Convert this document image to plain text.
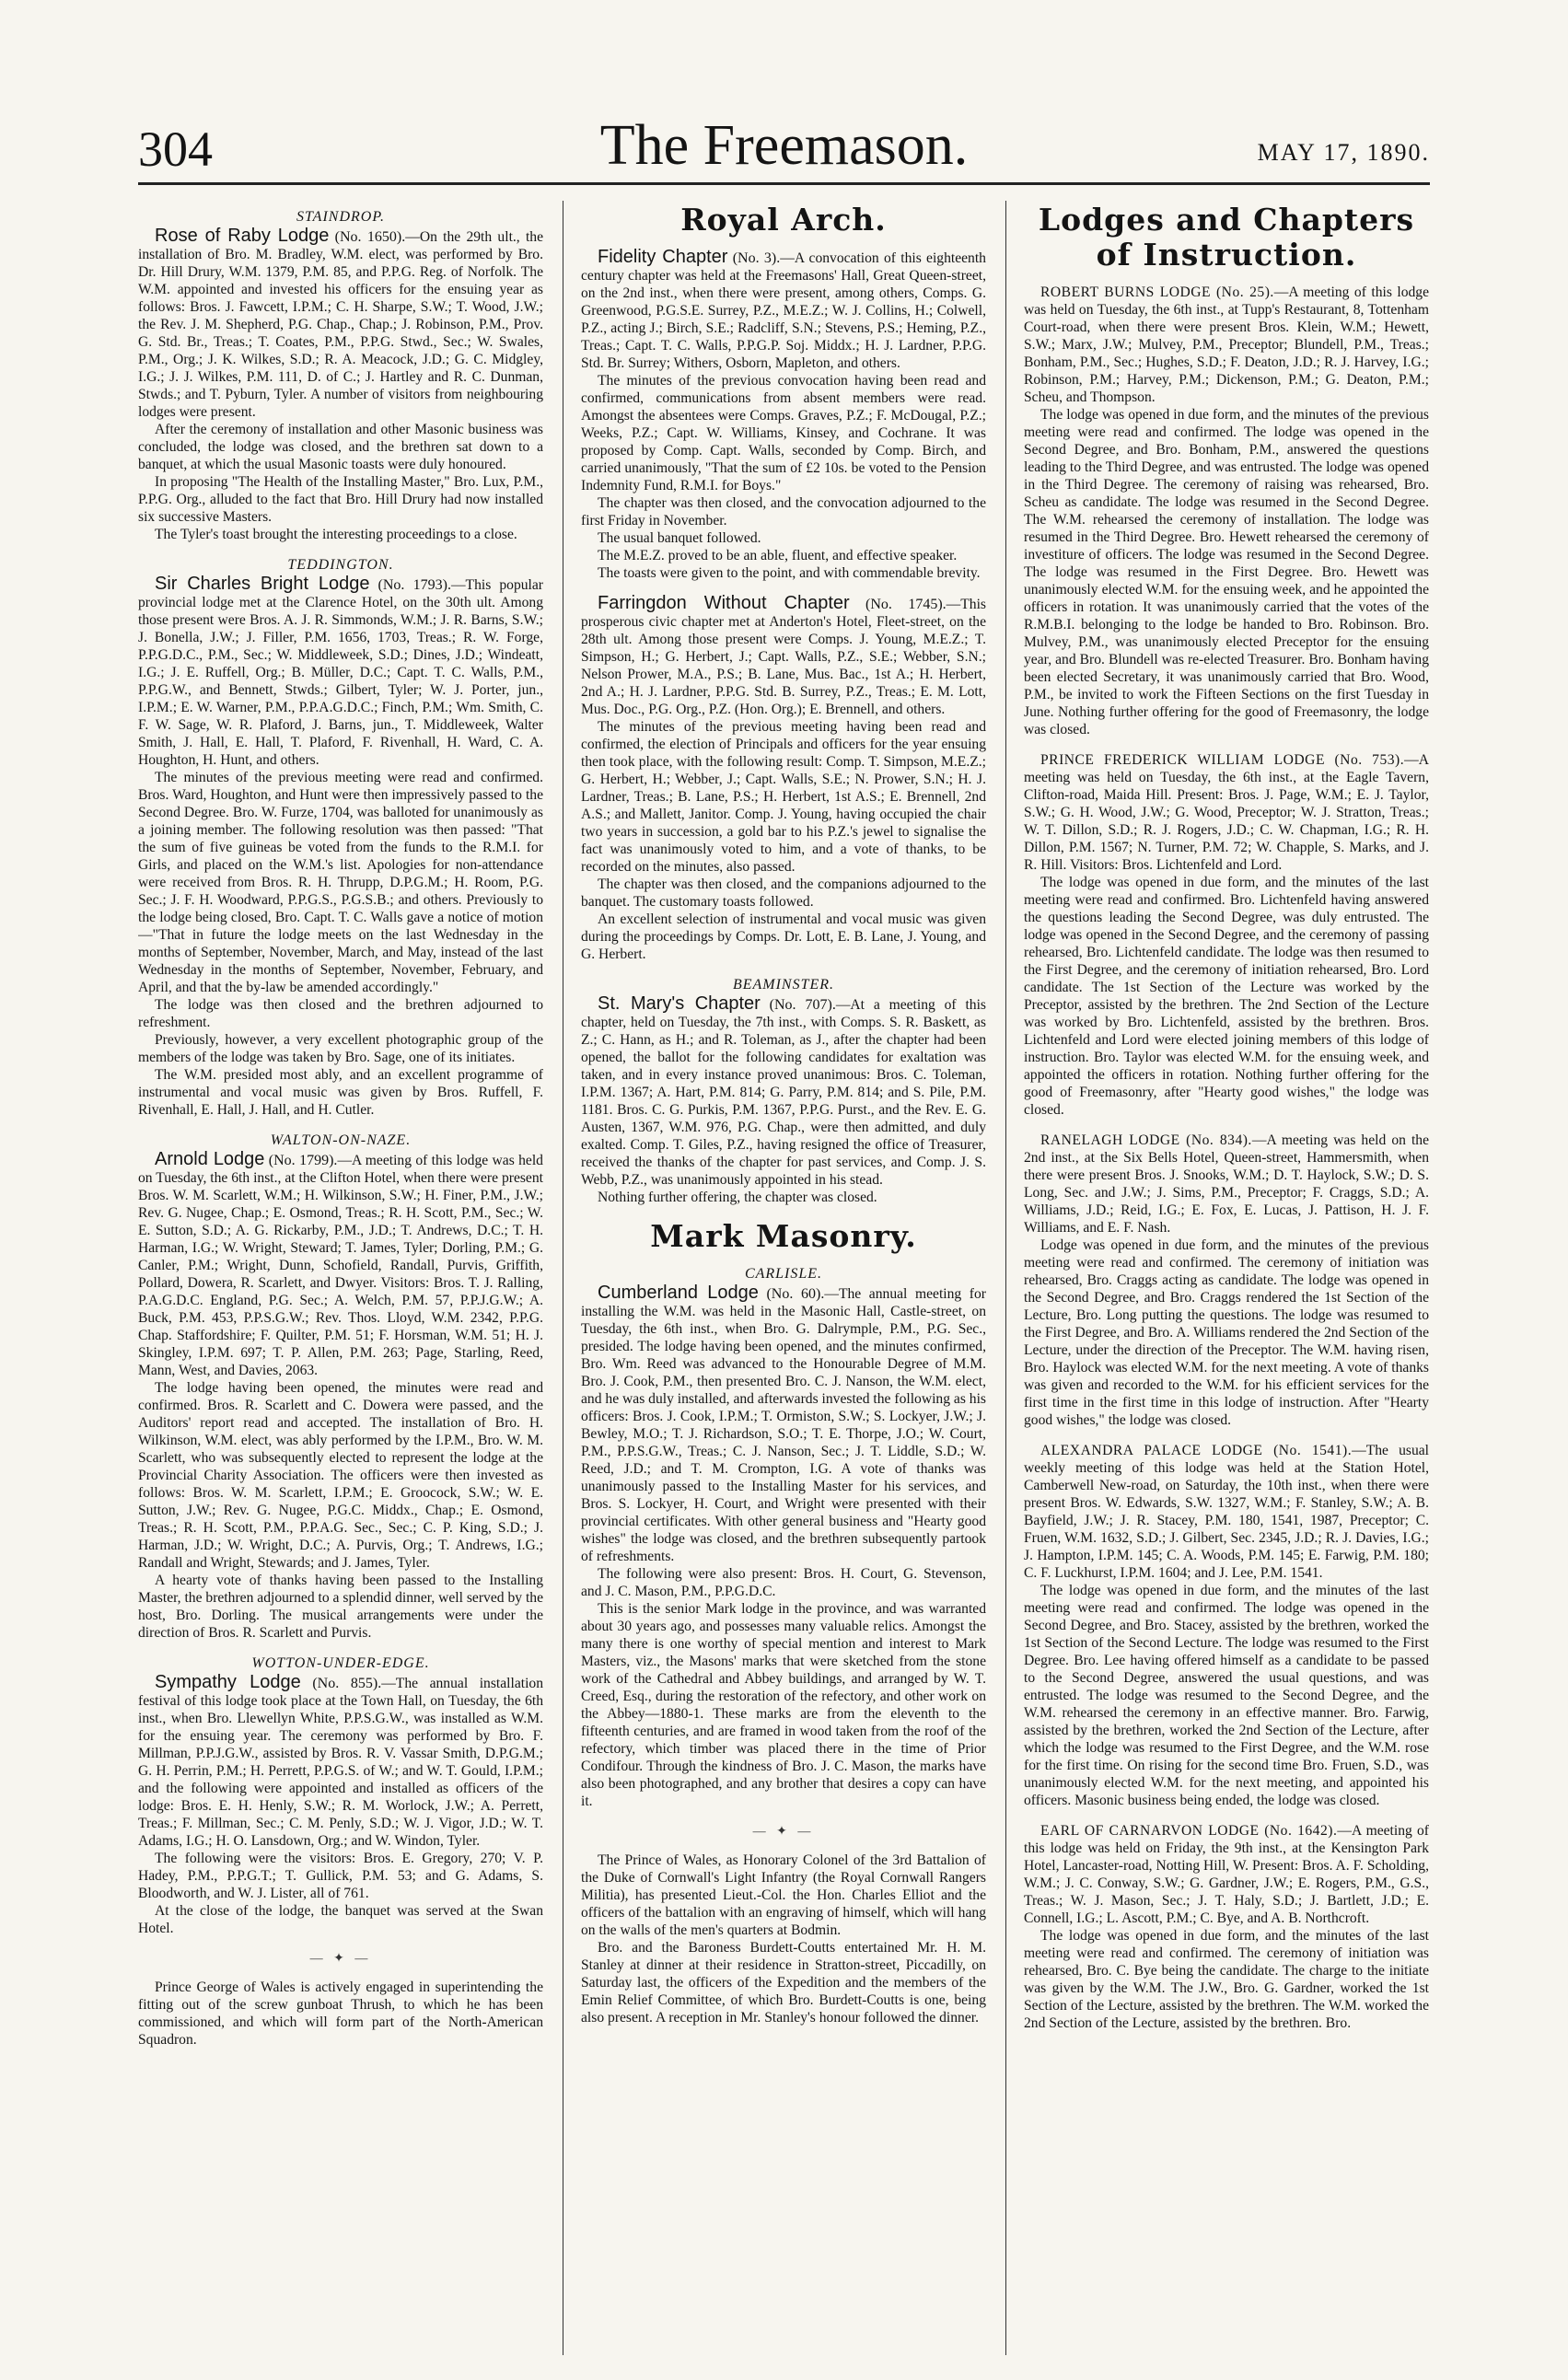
304	The Freemason.	MAY 17, 1890.
STAINDROP.

Rose of Raby Lodge (No. 1650).—On the 29th ult., the installation of Bro. M. Bradley, W.M. elect, was performed by Bro. Dr. Hill Drury, W.M. 1379, P.M. 85, and P.P.G. Reg. of Norfolk. The W.M. appointed and invested his officers for the ensuing year as follows: Bros. J. Fawcett, I.P.M.; C. H. Sharpe, S.W.; T. Wood, J.W.; the Rev. J. M. Shepherd, P.G. Chap., Chap.; J. Robinson, P.M., Prov. G. Std. Br., Treas.; T. Coates, P.M., P.P.G. Stwd., Sec.; W. Swales, P.M., Org.; J. K. Wilkes, S.D.; R. A. Meacock, J.D.; G. C. Midgley, I.G.; J. J. Wilkes, P.M. 111, D. of C.; J. Hartley and R. C. Dunman, Stwds.; and T. Pyburn, Tyler. A number of visitors from neighbouring lodges were present.

After the ceremony of installation and other Masonic business was concluded, the lodge was closed, and the brethren sat down to a banquet, at which the usual Masonic toasts were duly honoured.

In proposing "The Health of the Installing Master," Bro. Lux, P.M., P.P.G. Org., alluded to the fact that Bro. Hill Drury had now installed six successive Masters.

The Tyler's toast brought the interesting proceedings to a close.

TEDDINGTON.

Sir Charles Bright Lodge (No. 1793).—This popular provincial lodge met at the Clarence Hotel, on the 30th ult. Among those present were Bros. A. J. R. Simmonds, W.M.; J. R. Barns, S.W.; J. Bonella, J.W.; J. Filler, P.M. 1656, 1703, Treas.; R. W. Forge, P.P.G.D.C., P.M., Sec.; W. Middleweek, S.D.; Dines, J.D.; Windeatt, I.G.; J. E. Ruffell, Org.; B. Müller, D.C.; Capt. T. C. Walls, P.M., P.P.G.W., and Bennett, Stwds.; Gilbert, Tyler; W. J. Porter, jun., I.P.M.; E. W. Warner, P.M., P.P.A.G.D.C.; Finch, P.M.; Wm. Smith, C. F. W. Sage, W. R. Plaford, J. Barns, jun., T. Middleweek, Walter Smith, J. Hall, E. Hall, T. Plaford, F. Rivenhall, H. Ward, C. A. Houghton, H. Hunt, and others.

The minutes of the previous meeting were read and confirmed. Bros. Ward, Houghton, and Hunt were then impressively passed to the Second Degree. Bro. W. Furze, 1704, was balloted for unanimously as a joining member. The following resolution was then passed: "That the sum of five guineas be voted from the funds to the R.M.I. for Girls, and placed on the W.M.'s list. Apologies for non-attendance were received from Bros. R. H. Thrupp, D.P.G.M.; H. Room, P.G. Sec.; J. F. H. Woodward, P.P.G.S., P.G.S.B.; and others. Previously to the lodge being closed, Bro. Capt. T. C. Walls gave a notice of motion—"That in future the lodge meets on the last Wednesday in the months of September, November, March, and May, instead of the last Wednesday in the months of September, November, February, and April, and that the by-law be amended accordingly."

The lodge was then closed and the brethren adjourned to refreshment.

Previously, however, a very excellent photographic group of the members of the lodge was taken by Bro. Sage, one of its initiates.

The W.M. presided most ably, and an excellent programme of instrumental and vocal music was given by Bros. Ruffell, F. Rivenhall, E. Hall, J. Hall, and H. Cutler.

WALTON-ON-NAZE.

Arnold Lodge (No. 1799).—A meeting of this lodge was held on Tuesday, the 6th inst., at the Clifton Hotel, when there were present Bros. W. M. Scarlett, W.M.; H. Wilkinson, S.W.; H. Finer, P.M., J.W.; Rev. G. Nugee, Chap.; E. Osmond, Treas.; R. H. Scott, P.M., Sec.; W. E. Sutton, S.D.; A. G. Rickarby, P.M., J.D.; T. Andrews, D.C.; T. H. Harman, I.G.; W. Wright, Steward; T. James, Tyler; Dorling, P.M.; G. Canler, P.M.; Wright, Dunn, Schofield, Randall, Purvis, Griffith, Pollard, Dowera, R. Scarlett, and Dwyer. Visitors: Bros. T. J. Ralling, P.A.G.D.C. England, P.G. Sec.; A. Welch, P.M. 57, P.P.J.G.W.; A. Buck, P.M. 453, P.P.S.G.W.; Rev. Thos. Lloyd, W.M. 2342, P.P.G. Chap. Staffordshire; F. Quilter, P.M. 51; F. Horsman, W.M. 51; H. J. Skingley, I.P.M. 697; T. P. Allen, P.M. 263; Page, Starling, Reed, Mann, West, and Davies, 2063.

The lodge having been opened, the minutes were read and confirmed. Bros. R. Scarlett and C. Dowera were passed, and the Auditors' report read and accepted. The installation of Bro. H. Wilkinson, W.M. elect, was ably performed by the I.P.M., Bro. W. M. Scarlett, who was subsequently elected to represent the lodge at the Provincial Charity Association. The officers were then invested as follows: Bros. W. M. Scarlett, I.P.M.; E. Groocock, S.W.; W. E. Sutton, J.W.; Rev. G. Nugee, P.G.C. Middx., Chap.; E. Osmond, Treas.; R. H. Scott, P.M., P.P.A.G. Sec., Sec.; C. P. King, S.D.; J. Harman, J.D.; W. Wright, D.C.; A. Purvis, Org.; T. Andrews, I.G.; Randall and Wright, Stewards; and J. James, Tyler.

A hearty vote of thanks having been passed to the Installing Master, the brethren adjourned to a splendid dinner, well served by the host, Bro. Dorling. The musical arrangements were under the direction of Bros. R. Scarlett and Purvis.

WOTTON-UNDER-EDGE.

Sympathy Lodge (No. 855).—The annual installation festival of this lodge took place at the Town Hall, on Tuesday, the 6th inst., when Bro. Llewellyn White, P.P.S.G.W., was installed as W.M. for the ensuing year. The ceremony was performed by Bro. F. Millman, P.P.J.G.W., assisted by Bros. R. V. Vassar Smith, D.P.G.M.; G. H. Perrin, P.M.; H. Perrett, P.P.G.S. of W.; and W. T. Gould, I.P.M.; and the following were appointed and installed as officers of the lodge: Bros. E. H. Henly, S.W.; R. M. Worlock, J.W.; A. Perrett, Treas.; F. Millman, Sec.; C. M. Penly, S.D.; W. J. Vigor, J.D.; W. T. Adams, I.G.; H. O. Lansdown, Org.; and W. Windon, Tyler.

The following were the visitors: Bros. E. Gregory, 270; V. P. Hadey, P.M., P.P.G.T.; T. Gullick, P.M. 53; and G. Adams, S. Bloodworth, and W. J. Lister, all of 761.

At the close of the lodge, the banquet was served at the Swan Hotel.

— ✦ —

Prince George of Wales is actively engaged in superintending the fitting out of the screw gunboat Thrush, to which he has been commissioned, and which will form part of the North-American Squadron.

Royal Arch.

Fidelity Chapter (No. 3).—A convocation of this eighteenth century chapter was held at the Freemasons' Hall, Great Queen-street, on the 2nd inst., when there were present, among others, Comps. G. Greenwood, P.G.S.E. Surrey, P.Z., M.E.Z.; W. J. Collins, H.; Colwell, P.Z., acting J.; Birch, S.E.; Radcliff, S.N.; Stevens, P.S.; Heming, P.Z., Treas.; Capt. T. C. Walls, P.P.G.P. Soj. Middx.; H. J. Lardner, P.P.G. Std. Br. Surrey; Withers, Osborn, Mapleton, and others.

The minutes of the previous convocation having been read and confirmed, communications from absent members were read. Amongst the absentees were Comps. Graves, P.Z.; F. McDougal, P.Z.; Weeks, P.Z.; Capt. W. Williams, Kinsey, and Cochrane. It was proposed by Comp. Capt. Walls, seconded by Comp. Birch, and carried unanimously, "That the sum of £2 10s. be voted to the Pension Indemnity Fund, R.M.I. for Boys."

The chapter was then closed, and the convocation adjourned to the first Friday in November.

The usual banquet followed.

The M.E.Z. proved to be an able, fluent, and effective speaker.

The toasts were given to the point, and with commendable brevity.

Farringdon Without Chapter (No. 1745).—This prosperous civic chapter met at Anderton's Hotel, Fleet-street, on the 28th ult. Among those present were Comps. J. Young, M.E.Z.; T. Simpson, H.; G. Herbert, J.; Capt. Walls, P.Z., S.E.; Webber, S.N.; Nelson Prower, M.A., P.S.; B. Lane, Mus. Bac., 1st A.; H. Herbert, 2nd A.; H. J. Lardner, P.P.G. Std. B. Surrey, P.Z., Treas.; E. M. Lott, Mus. Doc., P.G. Org., P.Z. (Hon. Org.); E. Brennell, and others.

The minutes of the previous meeting having been read and confirmed, the election of Principals and officers for the year ensuing then took place, with the following result: Comp. T. Simpson, M.E.Z.; G. Herbert, H.; Webber, J.; Capt. Walls, S.E.; N. Prower, S.N.; H. J. Lardner, Treas.; B. Lane, P.S.; H. Herbert, 1st A.S.; E. Brennell, 2nd A.S.; and Mallett, Janitor. Comp. J. Young, having occupied the chair two years in succession, a gold bar to his P.Z.'s jewel to signalise the fact was unanimously voted to him, and a vote of thanks, to be recorded on the minutes, also passed.

The chapter was then closed, and the companions adjourned to the banquet. The customary toasts followed.

An excellent selection of instrumental and vocal music was given during the proceedings by Comps. Dr. Lott, E. B. Lane, J. Young, and G. Herbert.

BEAMINSTER.

St. Mary's Chapter (No. 707).—At a meeting of this chapter, held on Tuesday, the 7th inst., with Comps. S. R. Baskett, as Z.; C. Hann, as H.; and R. Toleman, as J., after the chapter had been opened, the ballot for the following candidates for exaltation was taken, and in every instance proved unanimous: Bros. C. Toleman, I.P.M. 1367; A. Hart, P.M. 814; G. Parry, P.M. 814; and S. Pile, P.M. 1181. Bros. C. G. Purkis, P.M. 1367, P.P.G. Purst., and the Rev. E. G. Austen, 1367, W.M. 976, P.G. Chap., were then admitted, and duly exalted. Comp. T. Giles, P.Z., having resigned the office of Treasurer, received the thanks of the chapter for past services, and Comp. J. S. Webb, P.Z., was unanimously appointed in his stead.

Nothing further offering, the chapter was closed.

Mark Masonry.
CARLISLE.

Cumberland Lodge (No. 60).—The annual meeting for installing the W.M. was held in the Masonic Hall, Castle-street, on Tuesday, the 6th inst., when Bro. G. Dalrymple, P.M., P.G. Sec., presided. The lodge having been opened, and the minutes confirmed, Bro. Wm. Reed was advanced to the Honourable Degree of M.M. Bro. J. Cook, P.M., then presented Bro. C. J. Nanson, the W.M. elect, and he was duly installed, and afterwards invested the following as his officers: Bros. J. Cook, I.P.M.; T. Ormiston, S.W.; S. Lockyer, J.W.; J. Bewley, M.O.; T. J. Richardson, S.O.; T. E. Thorpe, J.O.; W. Court, P.M., P.P.S.G.W., Treas.; C. J. Nanson, Sec.; J. T. Liddle, S.D.; W. Reed, J.D.; and T. M. Crompton, I.G. A vote of thanks was unanimously passed to the Installing Master for his services, and Bros. S. Lockyer, H. Court, and Wright were presented with their provincial certificates. With other general business and "Hearty good wishes" the lodge was closed, and the brethren subsequently partook of refreshments.

The following were also present: Bros. H. Court, G. Stevenson, and J. C. Mason, P.M., P.P.G.D.C.

This is the senior Mark lodge in the province, and was warranted about 30 years ago, and possesses many valuable relics. Amongst the many there is one worthy of special mention and interest to Mark Masters, viz., the Masons' marks that were sketched from the stone work of the Cathedral and Abbey buildings, and arranged by W. T. Creed, Esq., during the restoration of the refectory, and other work on the Abbey—1880-1. These marks are from the eleventh to the fifteenth centuries, and are framed in wood taken from the roof of the refectory, which timber was placed there in the time of Prior Condifour. Through the kindness of Bro. J. C. Mason, the marks have also been photographed, and any brother that desires a copy can have it.

— ✦ —

The Prince of Wales, as Honorary Colonel of the 3rd Battalion of the Duke of Cornwall's Light Infantry (the Royal Cornwall Rangers Militia), has presented Lieut.-Col. the Hon. Charles Elliot and the officers of the battalion with an engraving of himself, which will hang on the walls of the men's quarters at Bodmin.

Bro. and the Baroness Burdett-Coutts entertained Mr. H. M. Stanley at dinner at their residence in Stratton-street, Piccadilly, on Saturday last, the officers of the Expedition and the members of the Emin Relief Committee, of which Bro. Burdett-Coutts is one, being also present. A reception in Mr. Stanley's honour followed the dinner.

Lodges and Chapters of Instruction.

ROBERT BURNS LODGE (No. 25).—A meeting of this lodge was held on Tuesday, the 6th inst., at Tupp's Restaurant, 8, Tottenham Court-road, when there were present Bros. Klein, W.M.; Hewett, S.W.; Marx, J.W.; Mulvey, P.M., Preceptor; Blundell, P.M., Treas.; Bonham, P.M., Sec.; Hughes, S.D.; F. Deaton, J.D.; R. J. Harvey, I.G.; Robinson, P.M.; Harvey, P.M.; Dickenson, P.M.; G. Deaton, P.M.; Scheu, and Thompson.

The lodge was opened in due form, and the minutes of the previous meeting were read and confirmed. The lodge was opened in the Second Degree, and Bro. Bonham, P.M., answered the questions leading to the Third Degree, and was entrusted. The lodge was opened in the Third Degree. The ceremony of raising was rehearsed, Bro. Scheu as candidate. The lodge was resumed in the Second Degree. The W.M. rehearsed the ceremony of installation. The lodge was resumed in the Third Degree. Bro. Hewett rehearsed the ceremony of investiture of officers. The lodge was resumed in the Second Degree. The lodge was resumed in the First Degree. Bro. Hewett was unanimously elected W.M. for the ensuing week, and he appointed the officers in rotation. It was unanimously carried that the votes of the R.M.B.I. belonging to the lodge be handed to Bro. Robinson. Bro. Mulvey, P.M., was unanimously elected Preceptor for the ensuing year, and Bro. Blundell was re-elected Treasurer. Bro. Bonham having been elected Secretary, it was unanimously carried that Bro. Wood, P.M., be invited to work the Fifteen Sections on the first Tuesday in June. Nothing further offering for the good of Freemasonry, the lodge was closed.

PRINCE FREDERICK WILLIAM LODGE (No. 753).—A meeting was held on Tuesday, the 6th inst., at the Eagle Tavern, Clifton-road, Maida Hill. Present: Bros. J. Page, W.M.; E. J. Taylor, S.W.; G. H. Wood, J.W.; G. Wood, Preceptor; W. J. Stratton, Treas.; W. T. Dillon, S.D.; R. J. Rogers, J.D.; C. W. Chapman, I.G.; R. H. Dillon, P.M. 1567; N. Turner, P.M. 72; W. Chapple, S. Marks, and J. R. Hill. Visitors: Bros. Lichtenfeld and Lord.

The lodge was opened in due form, and the minutes of the last meeting were read and confirmed. Bro. Lichtenfeld having answered the questions leading the Second Degree, was duly entrusted. The lodge was opened in the Second Degree, and the ceremony of passing rehearsed, Bro. Lichtenfeld candidate. The lodge was then resumed to the First Degree, and the ceremony of initiation rehearsed, Bro. Lord candidate. The 1st Section of the Lecture was worked by the Preceptor, assisted by the brethren. The 2nd Section of the Lecture was worked by Bro. Lichtenfeld, assisted by the brethren. Bros. Lichtenfeld and Lord were elected joining members of this lodge of instruction. Bro. Taylor was elected W.M. for the ensuing week, and appointed the officers in rotation. Nothing further offering for the good of Freemasonry, after "Hearty good wishes," the lodge was closed.

RANELAGH LODGE (No. 834).—A meeting was held on the 2nd inst., at the Six Bells Hotel, Queen-street, Hammersmith, when there were present Bros. J. Snooks, W.M.; D. T. Haylock, S.W.; D. S. Long, Sec. and J.W.; J. Sims, P.M., Preceptor; F. Craggs, S.D.; A. Williams, J.D.; Reid, I.G.; E. Fox, E. Lucas, J. Pattison, H. J. F. Williams, and E. F. Nash.

Lodge was opened in due form, and the minutes of the previous meeting were read and confirmed. The ceremony of initiation was rehearsed, Bro. Craggs acting as candidate. The lodge was opened in the Second Degree, and Bro. Craggs rendered the 1st Section of the Lecture, Bro. Long putting the questions. The lodge was resumed to the First Degree, and Bro. A. Williams rendered the 2nd Section of the Lecture, under the direction of the Preceptor. The W.M. having risen, Bro. Haylock was elected W.M. for the next meeting. A vote of thanks was given and recorded to the W.M. for his efficient services for the first time in the first time in this lodge of instruction. After "Hearty good wishes," the lodge was closed.

ALEXANDRA PALACE LODGE (No. 1541).—The usual weekly meeting of this lodge was held at the Station Hotel, Camberwell New-road, on Saturday, the 10th inst., when there were present Bros. W. Edwards, S.W. 1327, W.M.; F. Stanley, S.W.; A. B. Bayfield, J.W.; J. R. Stacey, P.M. 180, 1541, 1987, Preceptor; C. Fruen, W.M. 1632, S.D.; J. Gilbert, Sec. 2345, J.D.; R. J. Davies, I.G.; J. Hampton, I.P.M. 145; C. A. Woods, P.M. 145; E. Farwig, P.M. 180; C. F. Luckhurst, I.P.M. 1604; and J. Lee, P.M. 1541.

The lodge was opened in due form, and the minutes of the last meeting were read and confirmed. The lodge was opened in the Second Degree, and Bro. Stacey, assisted by the brethren, worked the 1st Section of the Second Lecture. The lodge was resumed to the First Degree. Bro. Lee having offered himself as a candidate to be passed to the Second Degree, answered the usual questions, and was entrusted. The lodge was resumed to the Second Degree, and the W.M. rehearsed the ceremony in an effective manner. Bro. Farwig, assisted by the brethren, worked the 2nd Section of the Lecture, after which the lodge was resumed to the First Degree, and the W.M. rose for the first time. On rising for the second time Bro. Fruen, S.D., was unanimously elected W.M. for the next meeting, and appointed his officers. Masonic business being ended, the lodge was closed.

EARL OF CARNARVON LODGE (No. 1642).—A meeting of this lodge was held on Friday, the 9th inst., at the Kensington Park Hotel, Lancaster-road, Notting Hill, W. Present: Bros. A. F. Scholding, W.M.; J. C. Conway, S.W.; G. Gardner, J.W.; E. Rogers, P.M., G.S., Treas.; W. J. Mason, Sec.; J. T. Haly, S.D.; J. Bartlett, J.D.; E. Connell, I.G.; L. Ascott, P.M.; C. Bye, and A. B. Northcroft.

The lodge was opened in due form, and the minutes of the last meeting were read and confirmed. The ceremony of initiation was rehearsed, Bro. C. Bye being the candidate. The charge to the initiate was given by the W.M. The J.W., Bro. G. Gardner, worked the 1st Section of the Lecture, assisted by the brethren. The W.M. worked the 2nd Section of the Lecture, assisted by the brethren. Bro.
